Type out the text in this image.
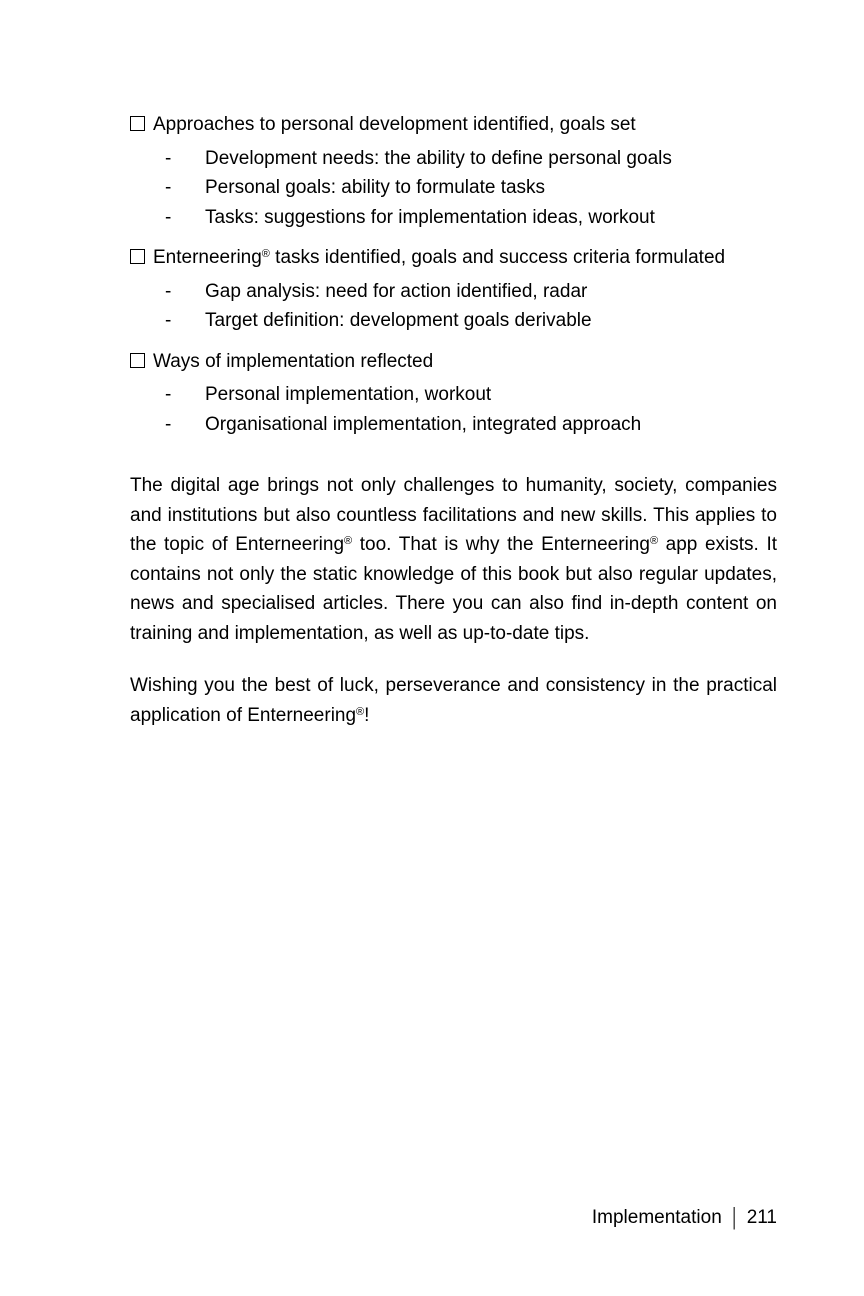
Approaches to personal development identified, goals set
-	Development needs: the ability to define personal goals
-	Personal goals: ability to formulate tasks
-	Tasks: suggestions for implementation ideas, workout
Enterneering® tasks identified, goals and success criteria formulated
-	Gap analysis: need for action identified, radar
-	Target definition: development goals derivable
Ways of implementation reflected
-	Personal implementation, workout
-	Organisational implementation, integrated approach

The digital age brings not only challenges to humanity, society, companies and institutions but also countless facilitations and new skills. This applies to the topic of Enterneering® too. That is why the Enterneering® app exists. It contains not only the static knowledge of this book but also regular updates, news and specialised articles. There you can also find in-depth content on training and implementation, as well as up-to-date tips.

Wishing you the best of luck, perseverance and consistency in the practical application of Enterneering®!

Implementation | 211
